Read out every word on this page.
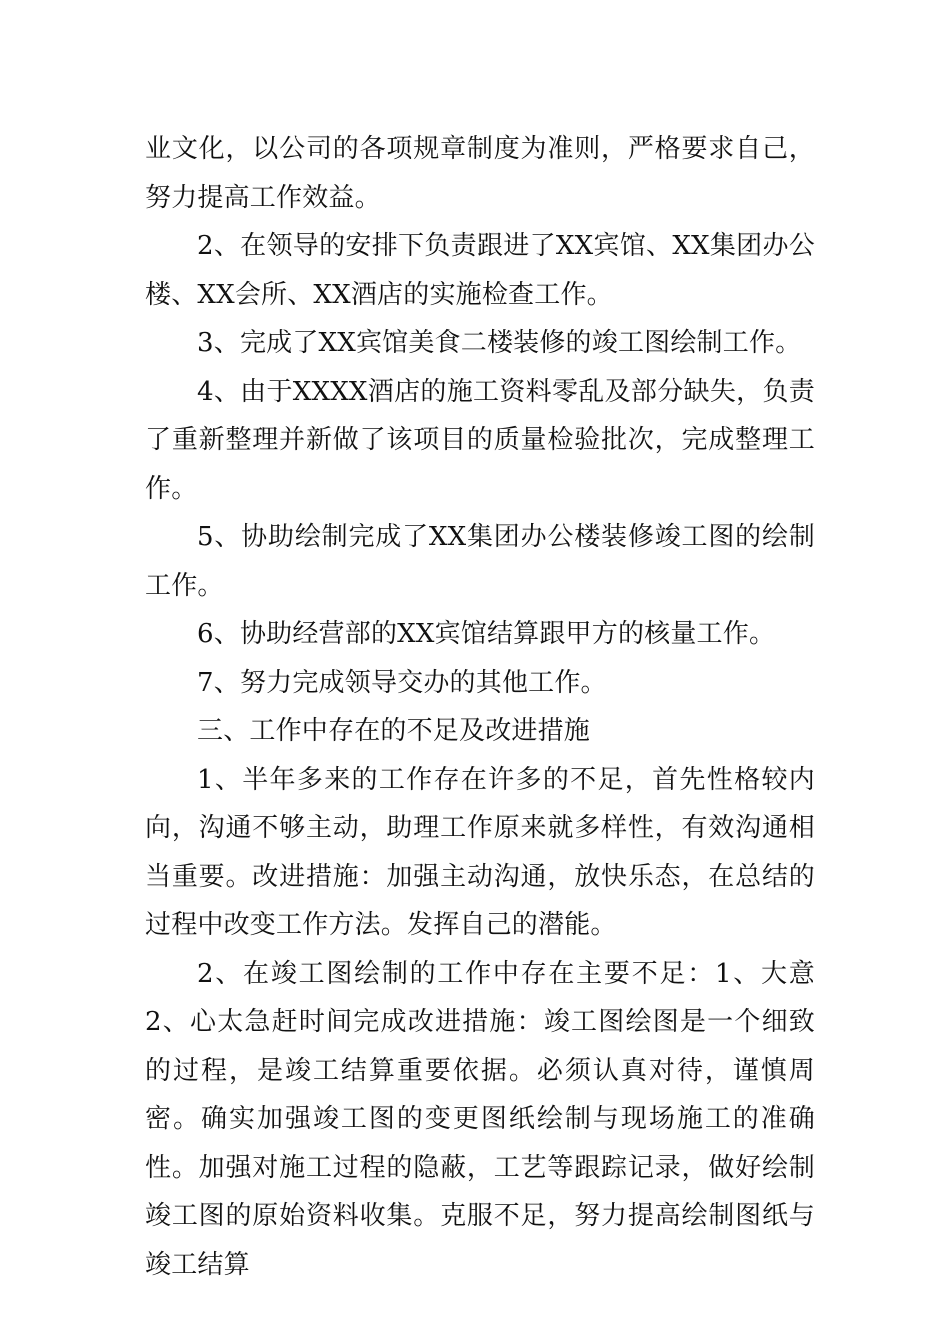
业文化，以公司的各项规章制度为准则，严格要求自己，努力提高工作效益。

2、在领导的安排下负责跟进了XX宾馆、XX集团办公楼、XX会所、XX酒店的实施检查工作。

3、完成了XX宾馆美食二楼装修的竣工图绘制工作。

4、由于XXXX酒店的施工资料零乱及部分缺失，负责了重新整理并新做了该项目的质量检验批次，完成整理工作。

5、协助绘制完成了XX集团办公楼装修竣工图的绘制工作。

6、协助经营部的XX宾馆结算跟甲方的核量工作。

7、努力完成领导交办的其他工作。

三、工作中存在的不足及改进措施

1、半年多来的工作存在许多的不足，首先性格较内向，沟通不够主动，助理工作原来就多样性，有效沟通相当重要。改进措施：加强主动沟通，放快乐态，在总结的过程中改变工作方法。发挥自己的潜能。

2、在竣工图绘制的工作中存在主要不足：1、大意2、心太急赶时间完成改进措施：竣工图绘图是一个细致的过程，是竣工结算重要依据。必须认真对待，谨慎周密。确实加强竣工图的变更图纸绘制与现场施工的准确性。加强对施工过程的隐蔽，工艺等跟踪记录，做好绘制竣工图的原始资料收集。克服不足，努力提高绘制图纸与竣工结算
